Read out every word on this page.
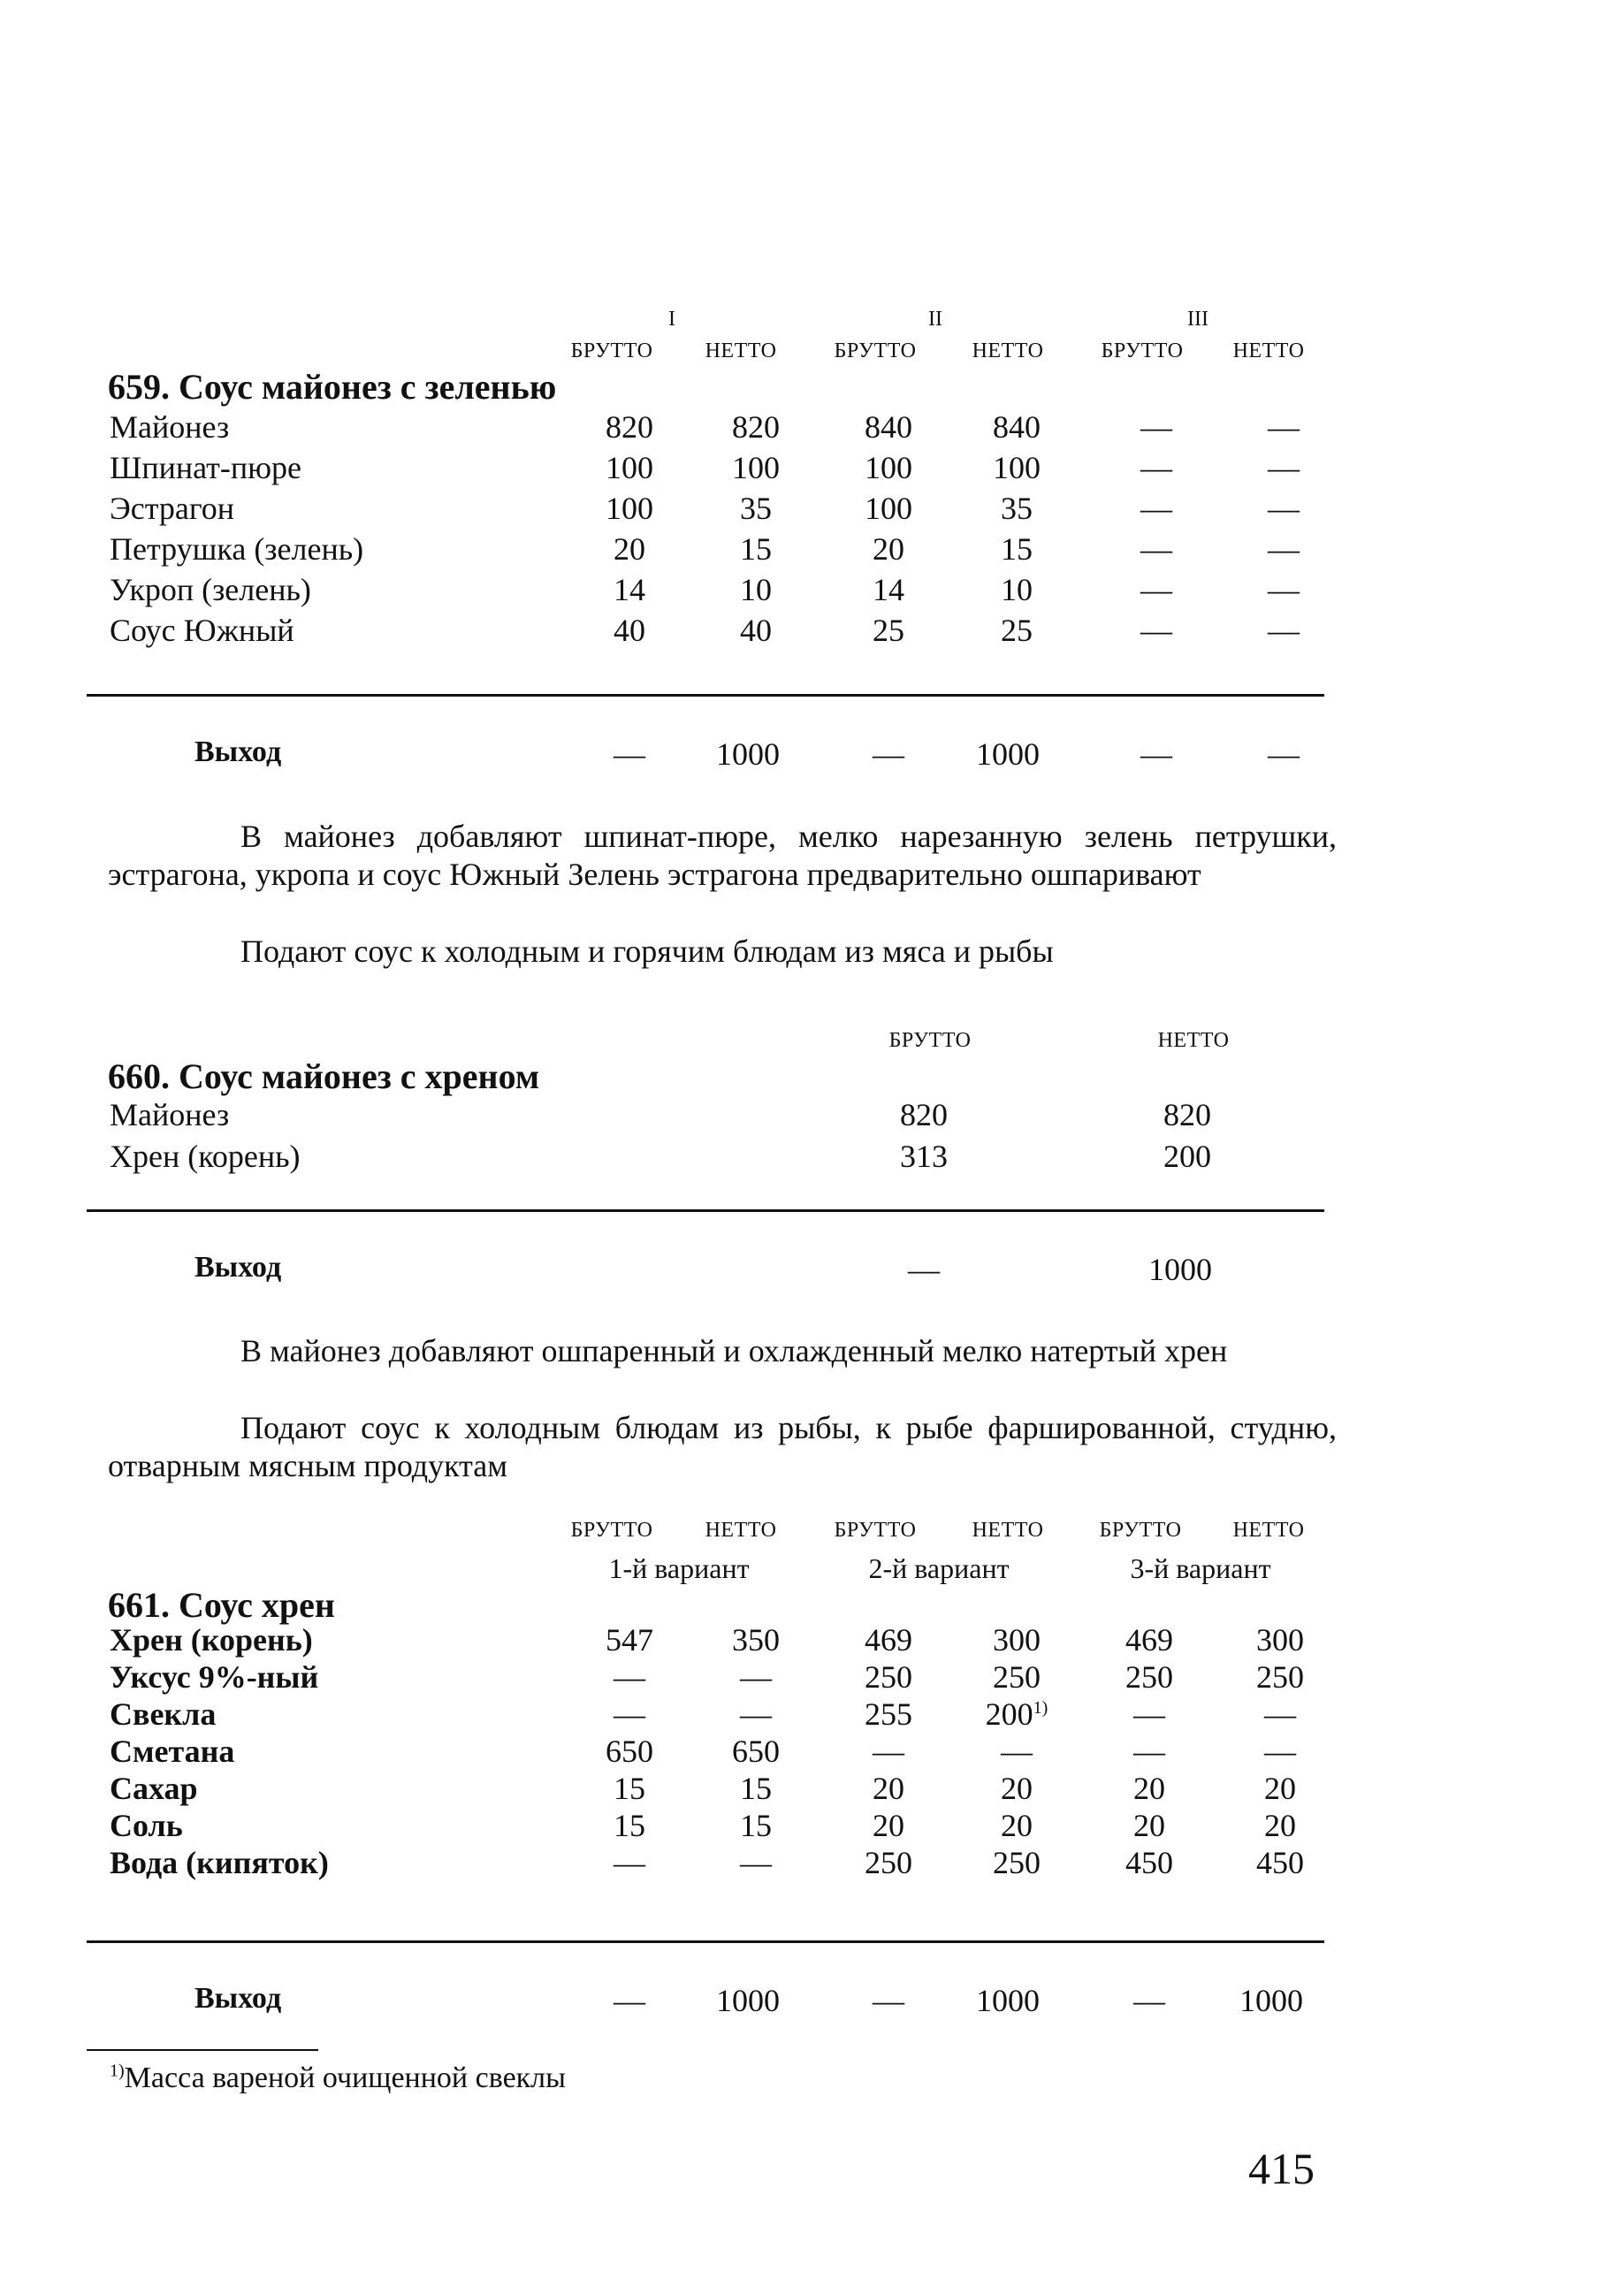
I	II	III
БРУТТО	НЕТТО	БРУТТО	НЕТТО	БРУТТО	НЕТТО
659. Соус майонез с зеленью
Майонез	820	820	840	840	—	—
Шпинат-пюре	100	100	100	100	—	—
Эстрагон	100	35	100	35	—	—
Петрушка (зелень)	20	15	20	15	—	—
Укроп (зелень)	14	10	14	10	—	—
Соус Южный	40	40	25	25	—	—
Выход	—	1000	—	1000	—	—
В майонез добавляют шпинат-пюре, мелко нарезанную зелень петрушки, эстрагона, укропа и соус Южный Зелень эстрагона предварительно ошпаривают
Подают соус к холодным и горячим блюдам из мяса и рыбы
БРУТТО	НЕТТО
660. Соус майонез с хреном
Майонез	820	820
Хрен (корень)	313	200
Выход	—	1000
В майонез добавляют ошпаренный и охлажденный мелко натертый хрен
Подают соус к холодным блюдам из рыбы, к рыбе фаршированной, студню, отварным мясным продуктам
БРУТТО	НЕТТО	БРУТТО	НЕТТО	БРУТТО	НЕТТО
1-й вариант	2-й вариант	3-й вариант
661. Соус хрен
Хрен (корень)	547	350	469	300	469	300
Уксус 9%-ный	—	—	250	250	250	250
Свекла	—	—	255	200$^{1)}$	—	—
Сметана	650	650	—	—	—	—
Сахар	15	15	20	20	20	20
Соль	15	15	20	20	20	20
Вода (кипяток)	—	—	250	250	450	450
Выход	—	1000	—	1000	—	1000
$^{1)}$Масса вареной очищенной свеклы
415
